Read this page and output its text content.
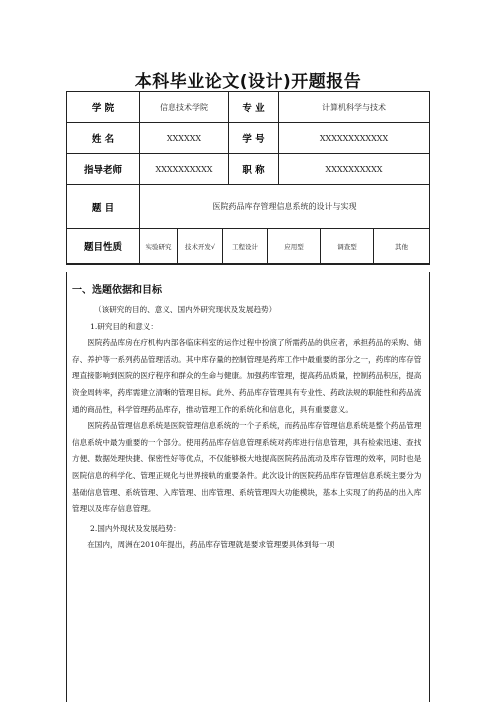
本科毕业论文(设计)开题报告
学 院	信息技术学院	专 业	计算机科学与技术
姓 名	XXXXXX	学 号	XXXXXXXXXXXX
指导老师	XXXXXXXXXX	职 称	XXXXXXXXXX
题 目	医院药品库存管理信息系统的设计与实现
题目性质	实验研究	技术开发√	工程设计	应用型	调查型	其他
一、选题依据和目标
（该研究的目的、意义、国内外研究现状及发展趋势）
1.研究目的和意义：
医院药品库房在疗机构内部各临床科室的运作过程中扮演了所需药品的供应者，承担药品的采购、储存、养护等一系列药品管理活动。其中库存量的控制管理是药库工作中最重要的部分之一，药库的库存管理直接影响到医院的医疗程序和群众的生命与健康。加强药库管理，提高药品质量，控制药品积压，提高资金周转率，药库需建立清晰的管理目标。此外、药品库存管理具有专业性、药政法规的职能性和药品流通的商品性，科学管理药品库存，推动管理工作的系统化和信息化，具有重要意义。
医院药品管理信息系统是医院管理信息系统的一个子系统，而药品库存管理信息系统是整个药品管理信息系统中最为重要的一个部分。使用药品库存信息管理系统对药库进行信息管理，具有检索迅速、查找方便、数据处理快捷、保密性好等优点，不仅能够极大地提高医院药品流动及库存管理的效率，同时也是医院信息的科学化、管理正规化与世界接轨的重要条件。此次设计的医院药品库存管理信息系统主要分为基础信息管理、系统管理、入库管理、出库管理、系统管理四大功能模块，基本上实现了的药品的出入库管理以及库存信息管理。
2.国内外现状及发展趋势：
在国内，周洲在2010年提出，药品库存管理就是要求管理要具体到每一项
